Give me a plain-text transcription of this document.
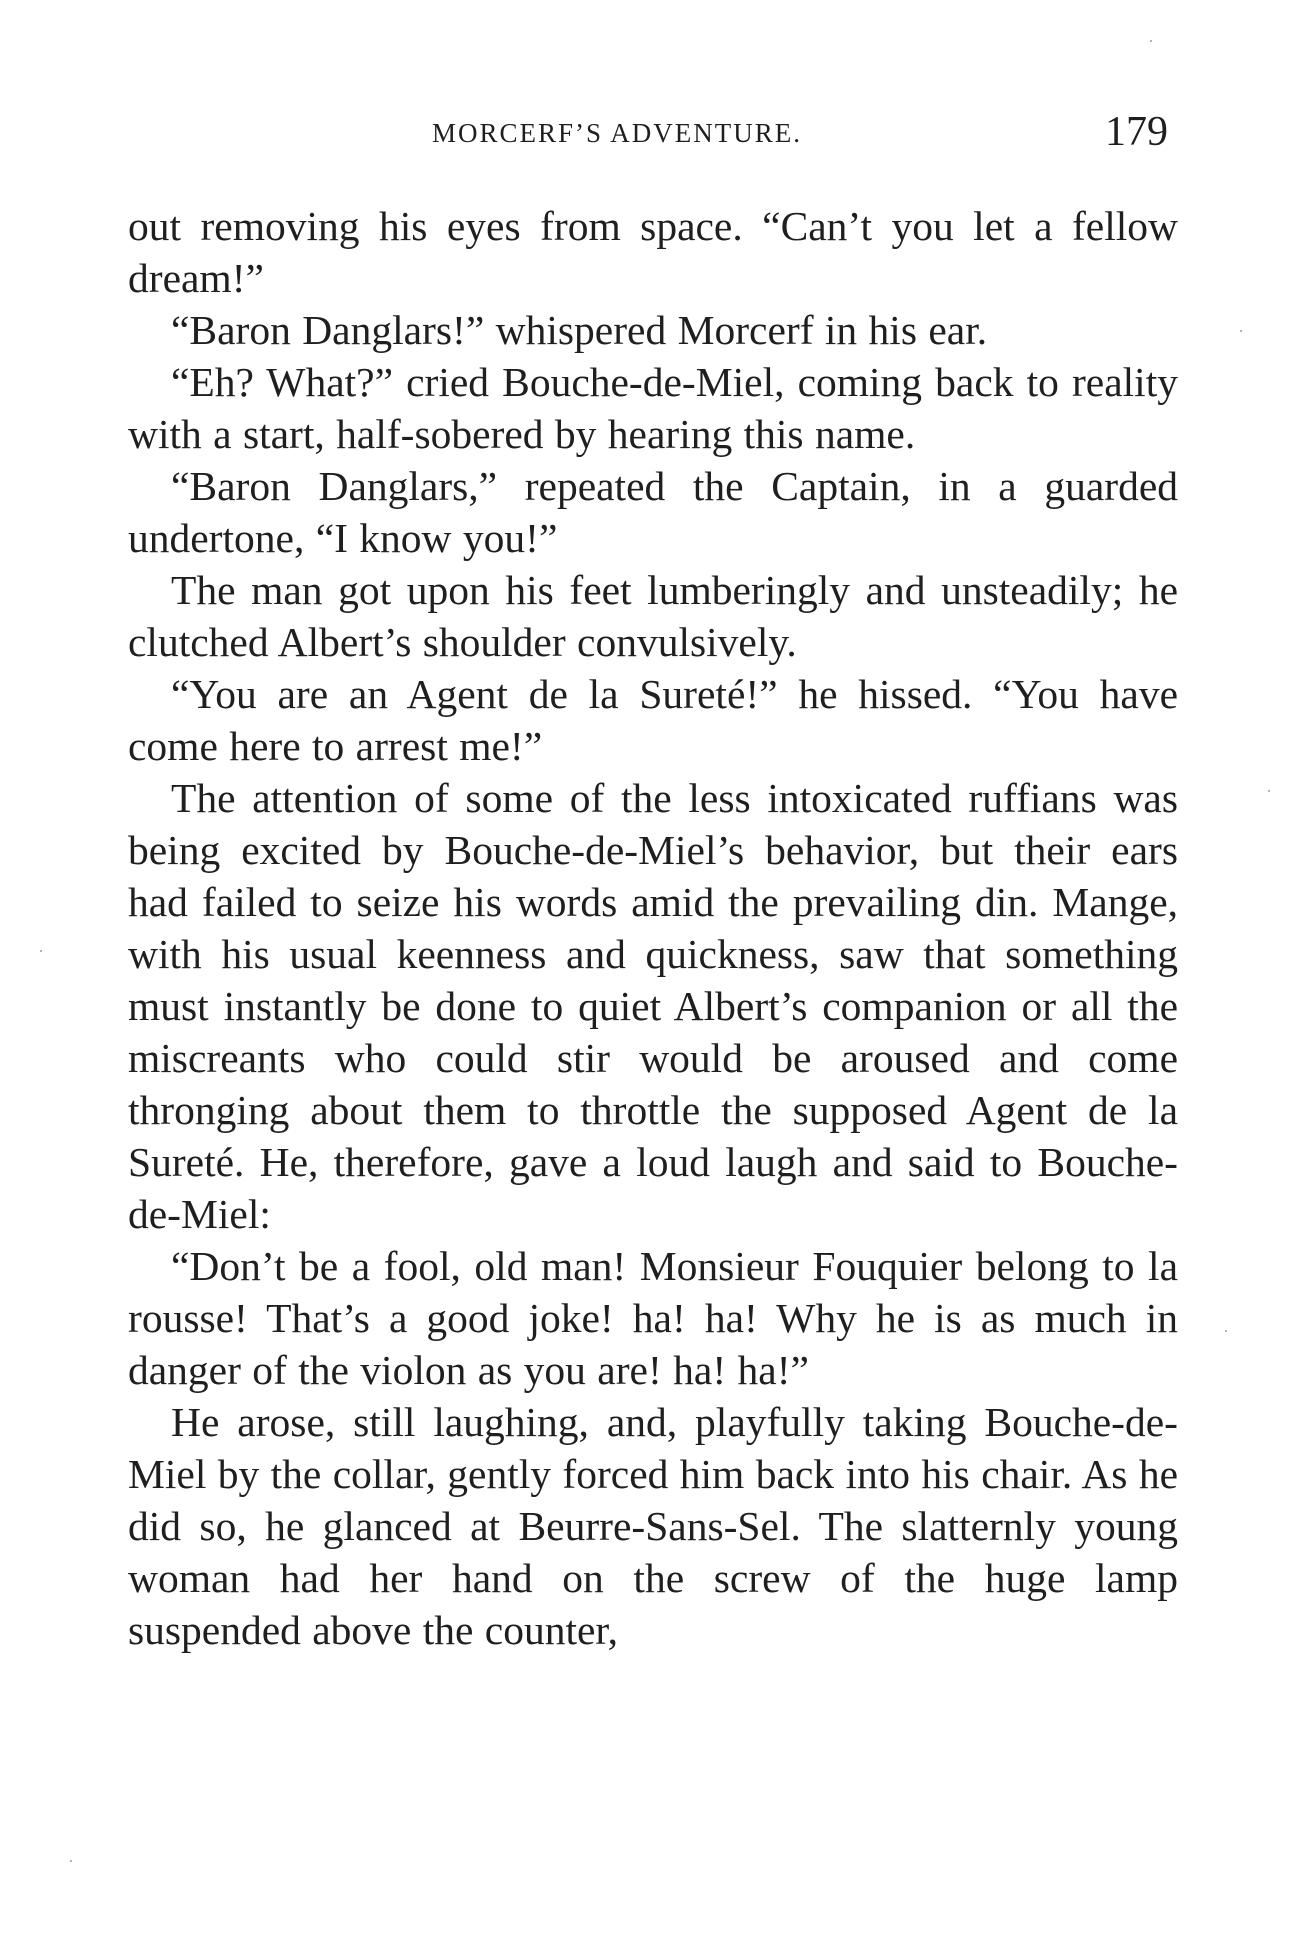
MORCERF’S ADVENTURE.	179

out removing his eyes from space. “Can’t you let a fellow dream!”

“Baron Danglars!” whispered Morcerf in his ear.

“Eh? What?” cried Bouche-de-Miel, coming back to reality with a start, half-sobered by hearing this name.

“Baron Danglars,” repeated the Captain, in a guarded undertone, “I know you!”

The man got upon his feet lumberingly and unsteadily; he clutched Albert’s shoulder convulsively.

“You are an Agent de la Sureté!” he hissed. “You have come here to arrest me!”

The attention of some of the less intoxicated ruffians was being excited by Bouche-de-Miel’s behavior, but their ears had failed to seize his words amid the prevailing din. Mange, with his usual keenness and quickness, saw that something must instantly be done to quiet Albert’s companion or all the miscreants who could stir would be aroused and come thronging about them to throttle the supposed Agent de la Sureté. He, therefore, gave a loud laugh and said to Bouche-de-Miel:

“Don’t be a fool, old man! Monsieur Fouquier belong to la rousse! That’s a good joke! ha! ha! Why he is as much in danger of the violon as you are! ha! ha!”

He arose, still laughing, and, playfully taking Bouche-de-Miel by the collar, gently forced him back into his chair. As he did so, he glanced at Beurre-Sans-Sel. The slatternly young woman had her hand on the screw of the huge lamp suspended above the counter,
